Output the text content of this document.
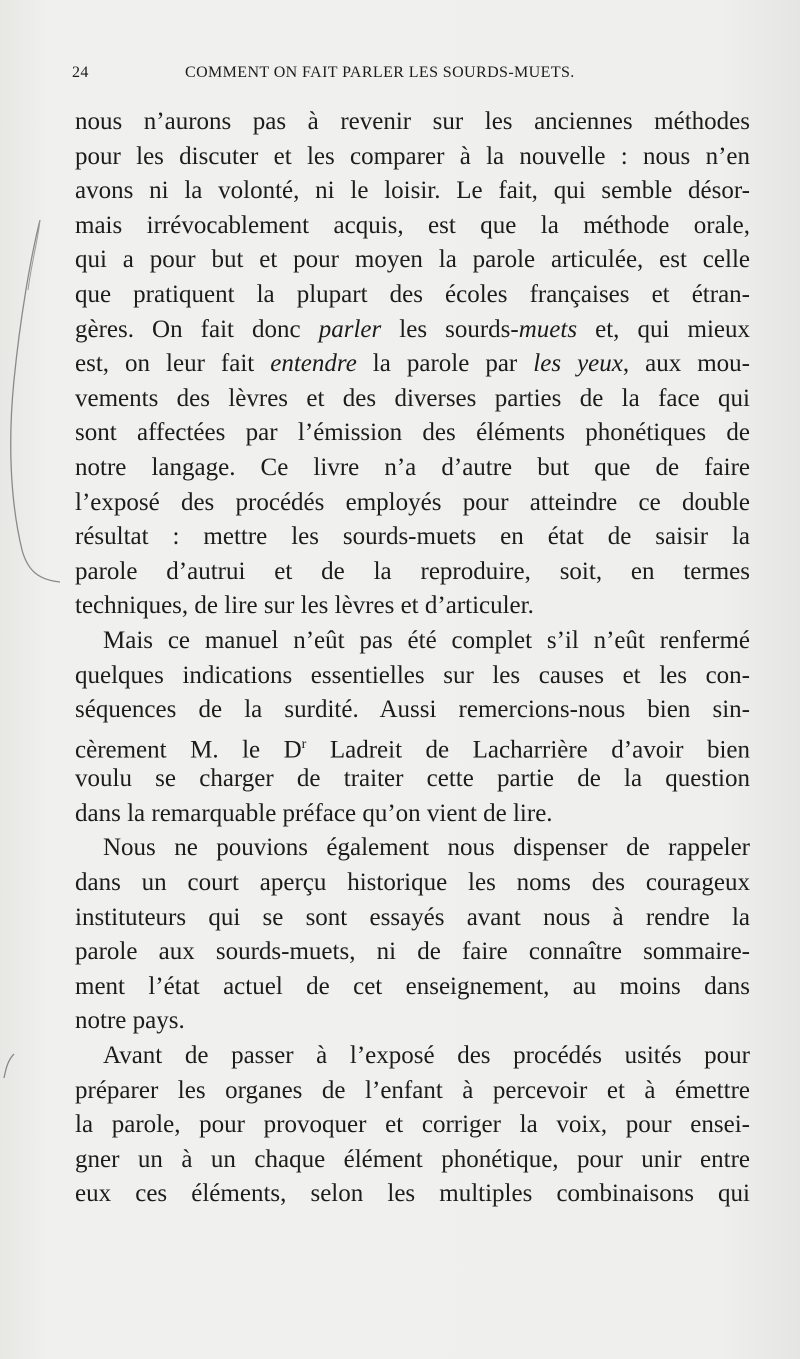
24	COMMENT ON FAIT PARLER LES SOURDS-MUETS.
nous n’aurons pas à revenir sur les anciennes méthodes
pour les discuter et les comparer à la nouvelle : nous n’en
avons ni la volonté, ni le loisir. Le fait, qui semble désor-
mais irrévocablement acquis, est que la méthode orale,
qui a pour but et pour moyen la parole articulée, est celle
que pratiquent la plupart des écoles françaises et étran-
gères. On fait donc parler les sourds-muets et, qui mieux
est, on leur fait entendre la parole par les yeux, aux mou-
vements des lèvres et des diverses parties de la face qui
sont affectées par l’émission des éléments phonétiques de
notre langage. Ce livre n’a d’autre but que de faire
l’exposé des procédés employés pour atteindre ce double
résultat : mettre les sourds-muets en état de saisir la
parole d’autrui et de la reproduire, soit, en termes
techniques, de lire sur les lèvres et d’articuler.
Mais ce manuel n’eût pas été complet s’il n’eût renfermé
quelques indications essentielles sur les causes et les con-
séquences de la surdité. Aussi remercions-nous bien sin-
cèrement M. le $D^r$ Ladreit de Lacharrière d’avoir bien
voulu se charger de traiter cette partie de la question
dans la remarquable préface qu’on vient de lire.
Nous ne pouvions également nous dispenser de rappeler
dans un court aperçu historique les noms des courageux
instituteurs qui se sont essayés avant nous à rendre la
parole aux sourds-muets, ni de faire connaître sommaire-
ment l’état actuel de cet enseignement, au moins dans
notre pays.
Avant de passer à l’exposé des procédés usités pour
préparer les organes de l’enfant à percevoir et à émettre
la parole, pour provoquer et corriger la voix, pour ensei-
gner un à un chaque élément phonétique, pour unir entre
eux ces éléments, selon les multiples combinaisons qui
